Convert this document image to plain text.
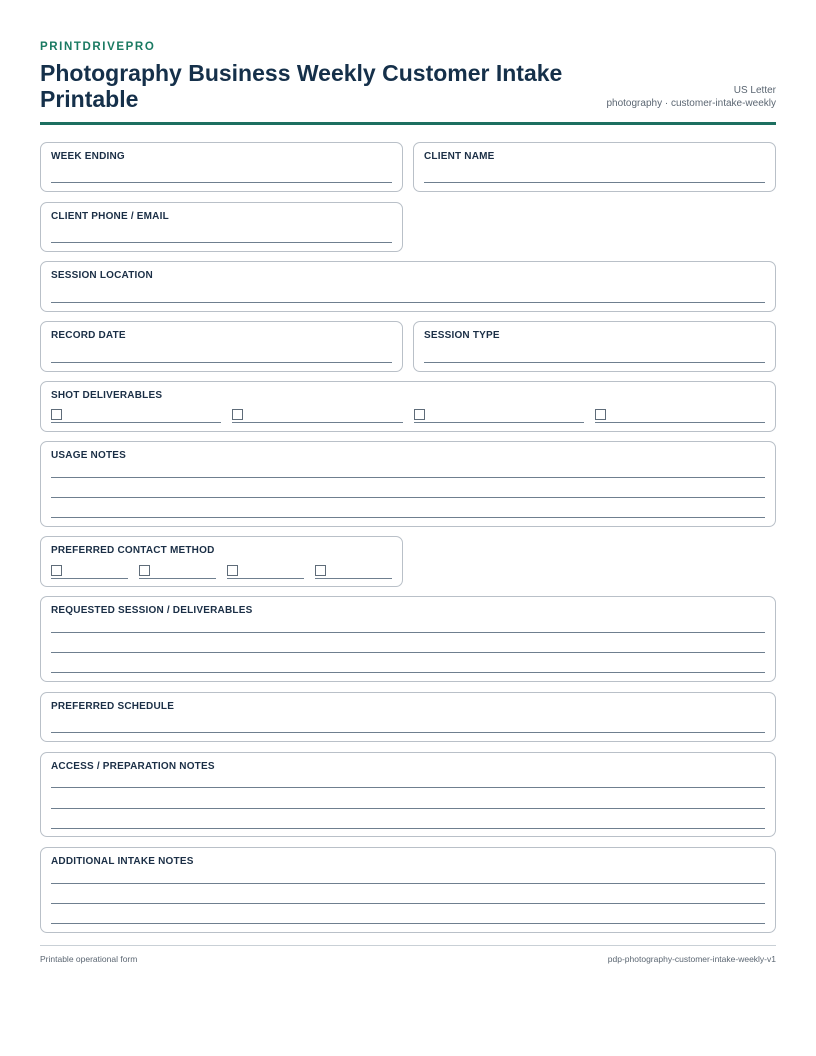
PRINTDRIVEPRO
Photography Business Weekly Customer Intake Printable	US Letter
photography · customer-intake-weekly
WEEK ENDING	CLIENT NAME
CLIENT PHONE / EMAIL
SESSION LOCATION
RECORD DATE	SESSION TYPE
SHOT DELIVERABLES
USAGE NOTES
PREFERRED CONTACT METHOD
REQUESTED SESSION / DELIVERABLES
PREFERRED SCHEDULE
ACCESS / PREPARATION NOTES
ADDITIONAL INTAKE NOTES
Printable operational form	pdp-photography-customer-intake-weekly-v1
